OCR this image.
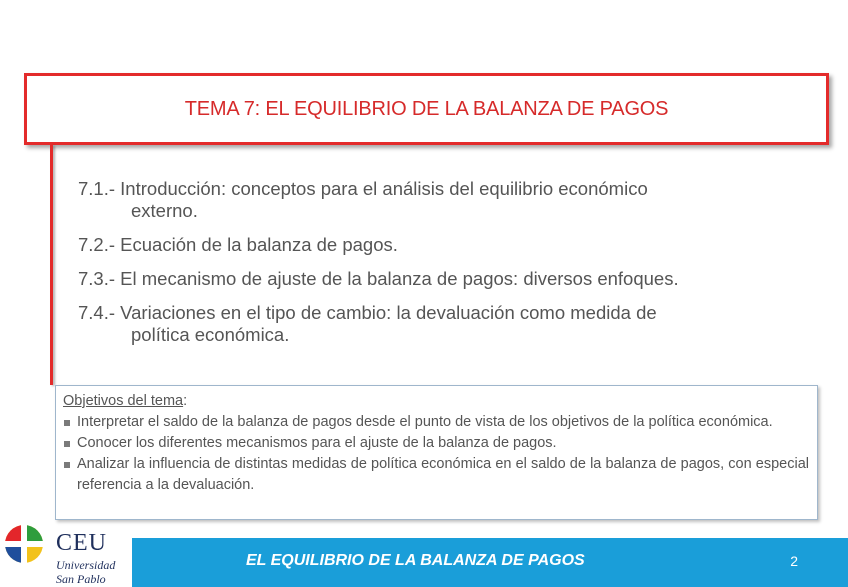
TEMA 7: EL EQUILIBRIO DE LA BALANZA DE PAGOS
7.1.- Introducción: conceptos para el análisis del equilibrio económico
externo.
7.2.- Ecuación de la balanza de pagos.
7.3.- El mecanismo de ajuste de la balanza de pagos: diversos enfoques.
7.4.- Variaciones en el tipo de cambio: la devaluación como medida de
política económica.
Objetivos del tema:
Interpretar el saldo de la balanza de pagos desde el punto de vista de los objetivos de la política económica.
Conocer los diferentes mecanismos para el ajuste de la balanza de pagos.
Analizar la influencia de distintas medidas de política económica en el saldo de la balanza de pagos, con especial referencia a la devaluación.
CEU
Universidad
San Pablo
EL EQUILIBRIO DE LA BALANZA DE PAGOS	2
